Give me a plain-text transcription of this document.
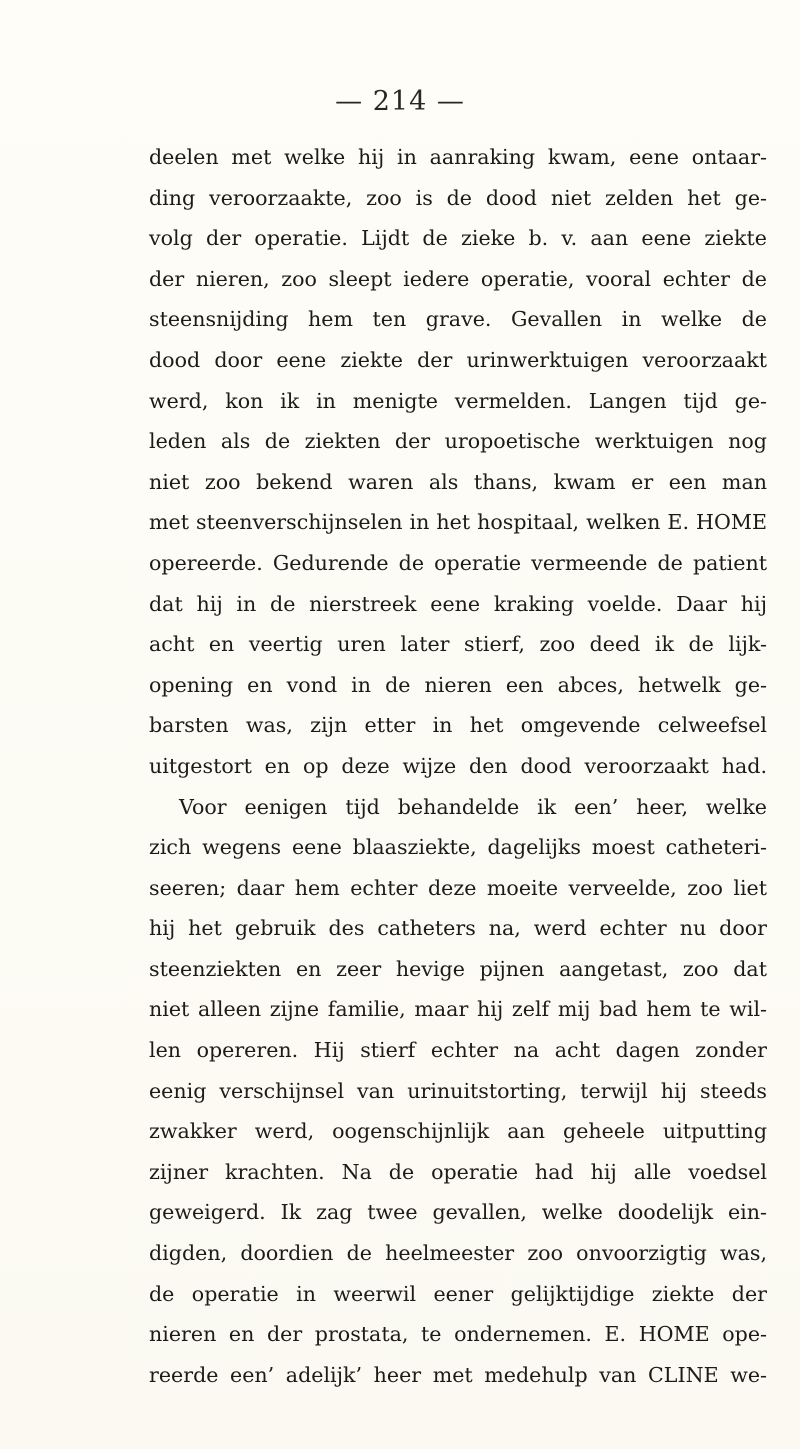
— 214 —
deelen met welke hij in aanraking kwam, eene ontaar-
ding veroorzaakte, zoo is de dood niet zelden het ge-
volg der operatie. Lijdt de zieke b. v. aan eene ziekte
der nieren, zoo sleept iedere operatie, vooral echter de
steensnijding hem ten grave. Gevallen in welke de
dood door eene ziekte der urinwerktuigen veroorzaakt
werd, kon ik in menigte vermelden. Langen tijd ge-
leden als de ziekten der uropoetische werktuigen nog
niet zoo bekend waren als thans, kwam er een man
met steenverschijnselen in het hospitaal, welken E. HOME
opereerde. Gedurende de operatie vermeende de patient
dat hij in de nierstreek eene kraking voelde. Daar hij
acht en veertig uren later stierf, zoo deed ik de lijk-
opening en vond in de nieren een abces, hetwelk ge-
barsten was, zijn etter in het omgevende celweefsel
uitgestort en op deze wijze den dood veroorzaakt had.
Voor eenigen tijd behandelde ik een’ heer, welke
zich wegens eene blaasziekte, dagelijks moest catheteri-
seeren; daar hem echter deze moeite verveelde, zoo liet
hij het gebruik des catheters na, werd echter nu door
steenziekten en zeer hevige pijnen aangetast, zoo dat
niet alleen zijne familie, maar hij zelf mij bad hem te wil-
len opereren. Hij stierf echter na acht dagen zonder
eenig verschijnsel van urinuitstorting, terwijl hij steeds
zwakker werd, oogenschijnlijk aan geheele uitputting
zijner krachten. Na de operatie had hij alle voedsel
geweigerd. Ik zag twee gevallen, welke doodelijk ein-
digden, doordien de heelmeester zoo onvoorzigtig was,
de operatie in weerwil eener gelijktijdige ziekte der
nieren en der prostata, te ondernemen. E. HOME ope-
reerde een’ adelijk’ heer met medehulp van CLINE we-
